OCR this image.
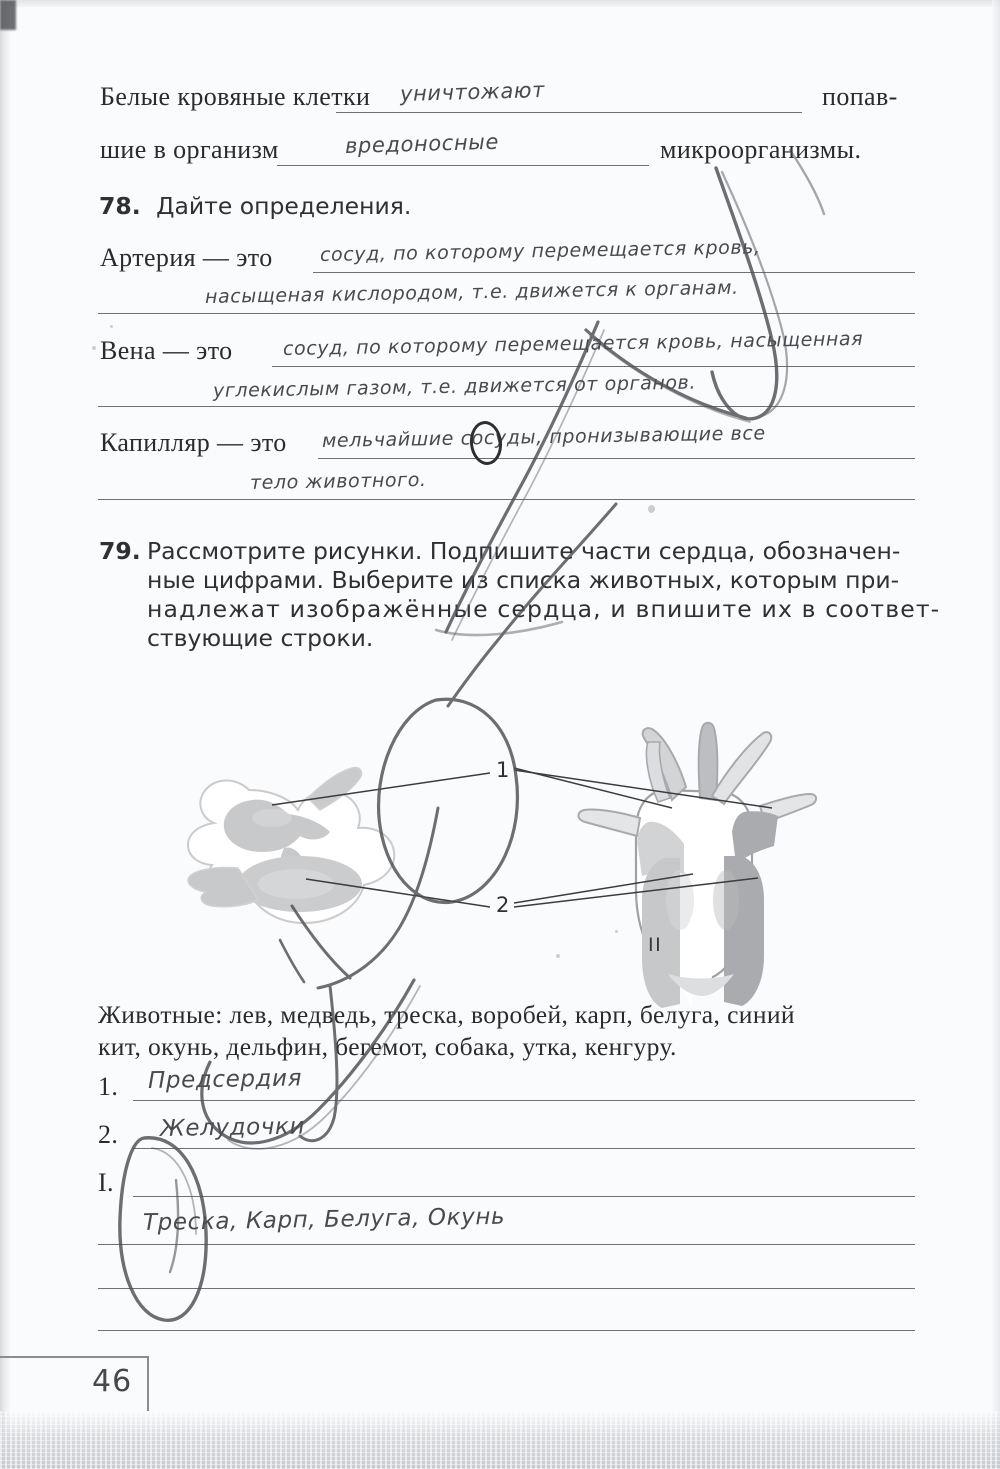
Белые кровяные клетки уничтожают	попав-
шие в организм	вредоносные	микроорганизмы.
78. Дайте определения.
Артерия — это сосуд, по которому перемещается кровь,
насыщеная кислородом, т.е. движется к органам.
Вена — это	сосуд, по которому перемещается кровь, насыщенная
углекислым газом, т.е. движется от органов.
Капилляр — это мельчайшие сосуды, пронизывающие все
тело животного.
79. Рассмотрите рисунки. Подпишите части сердца, обозначен-
ные цифрами. Выберите из списка животных, которым при-
надлежат изображённые сердца, и впишите их в соответ-
ствующие строки.
1
2
II
Животные: лев, медведь, треска, воробей, карп, белуга, синий
кит, окунь, дельфин, бегемот, собака, утка, кенгуру.
1. Предсердия
2. Желудочки
I.
Треска, Карп, Белуга, Окунь
46
